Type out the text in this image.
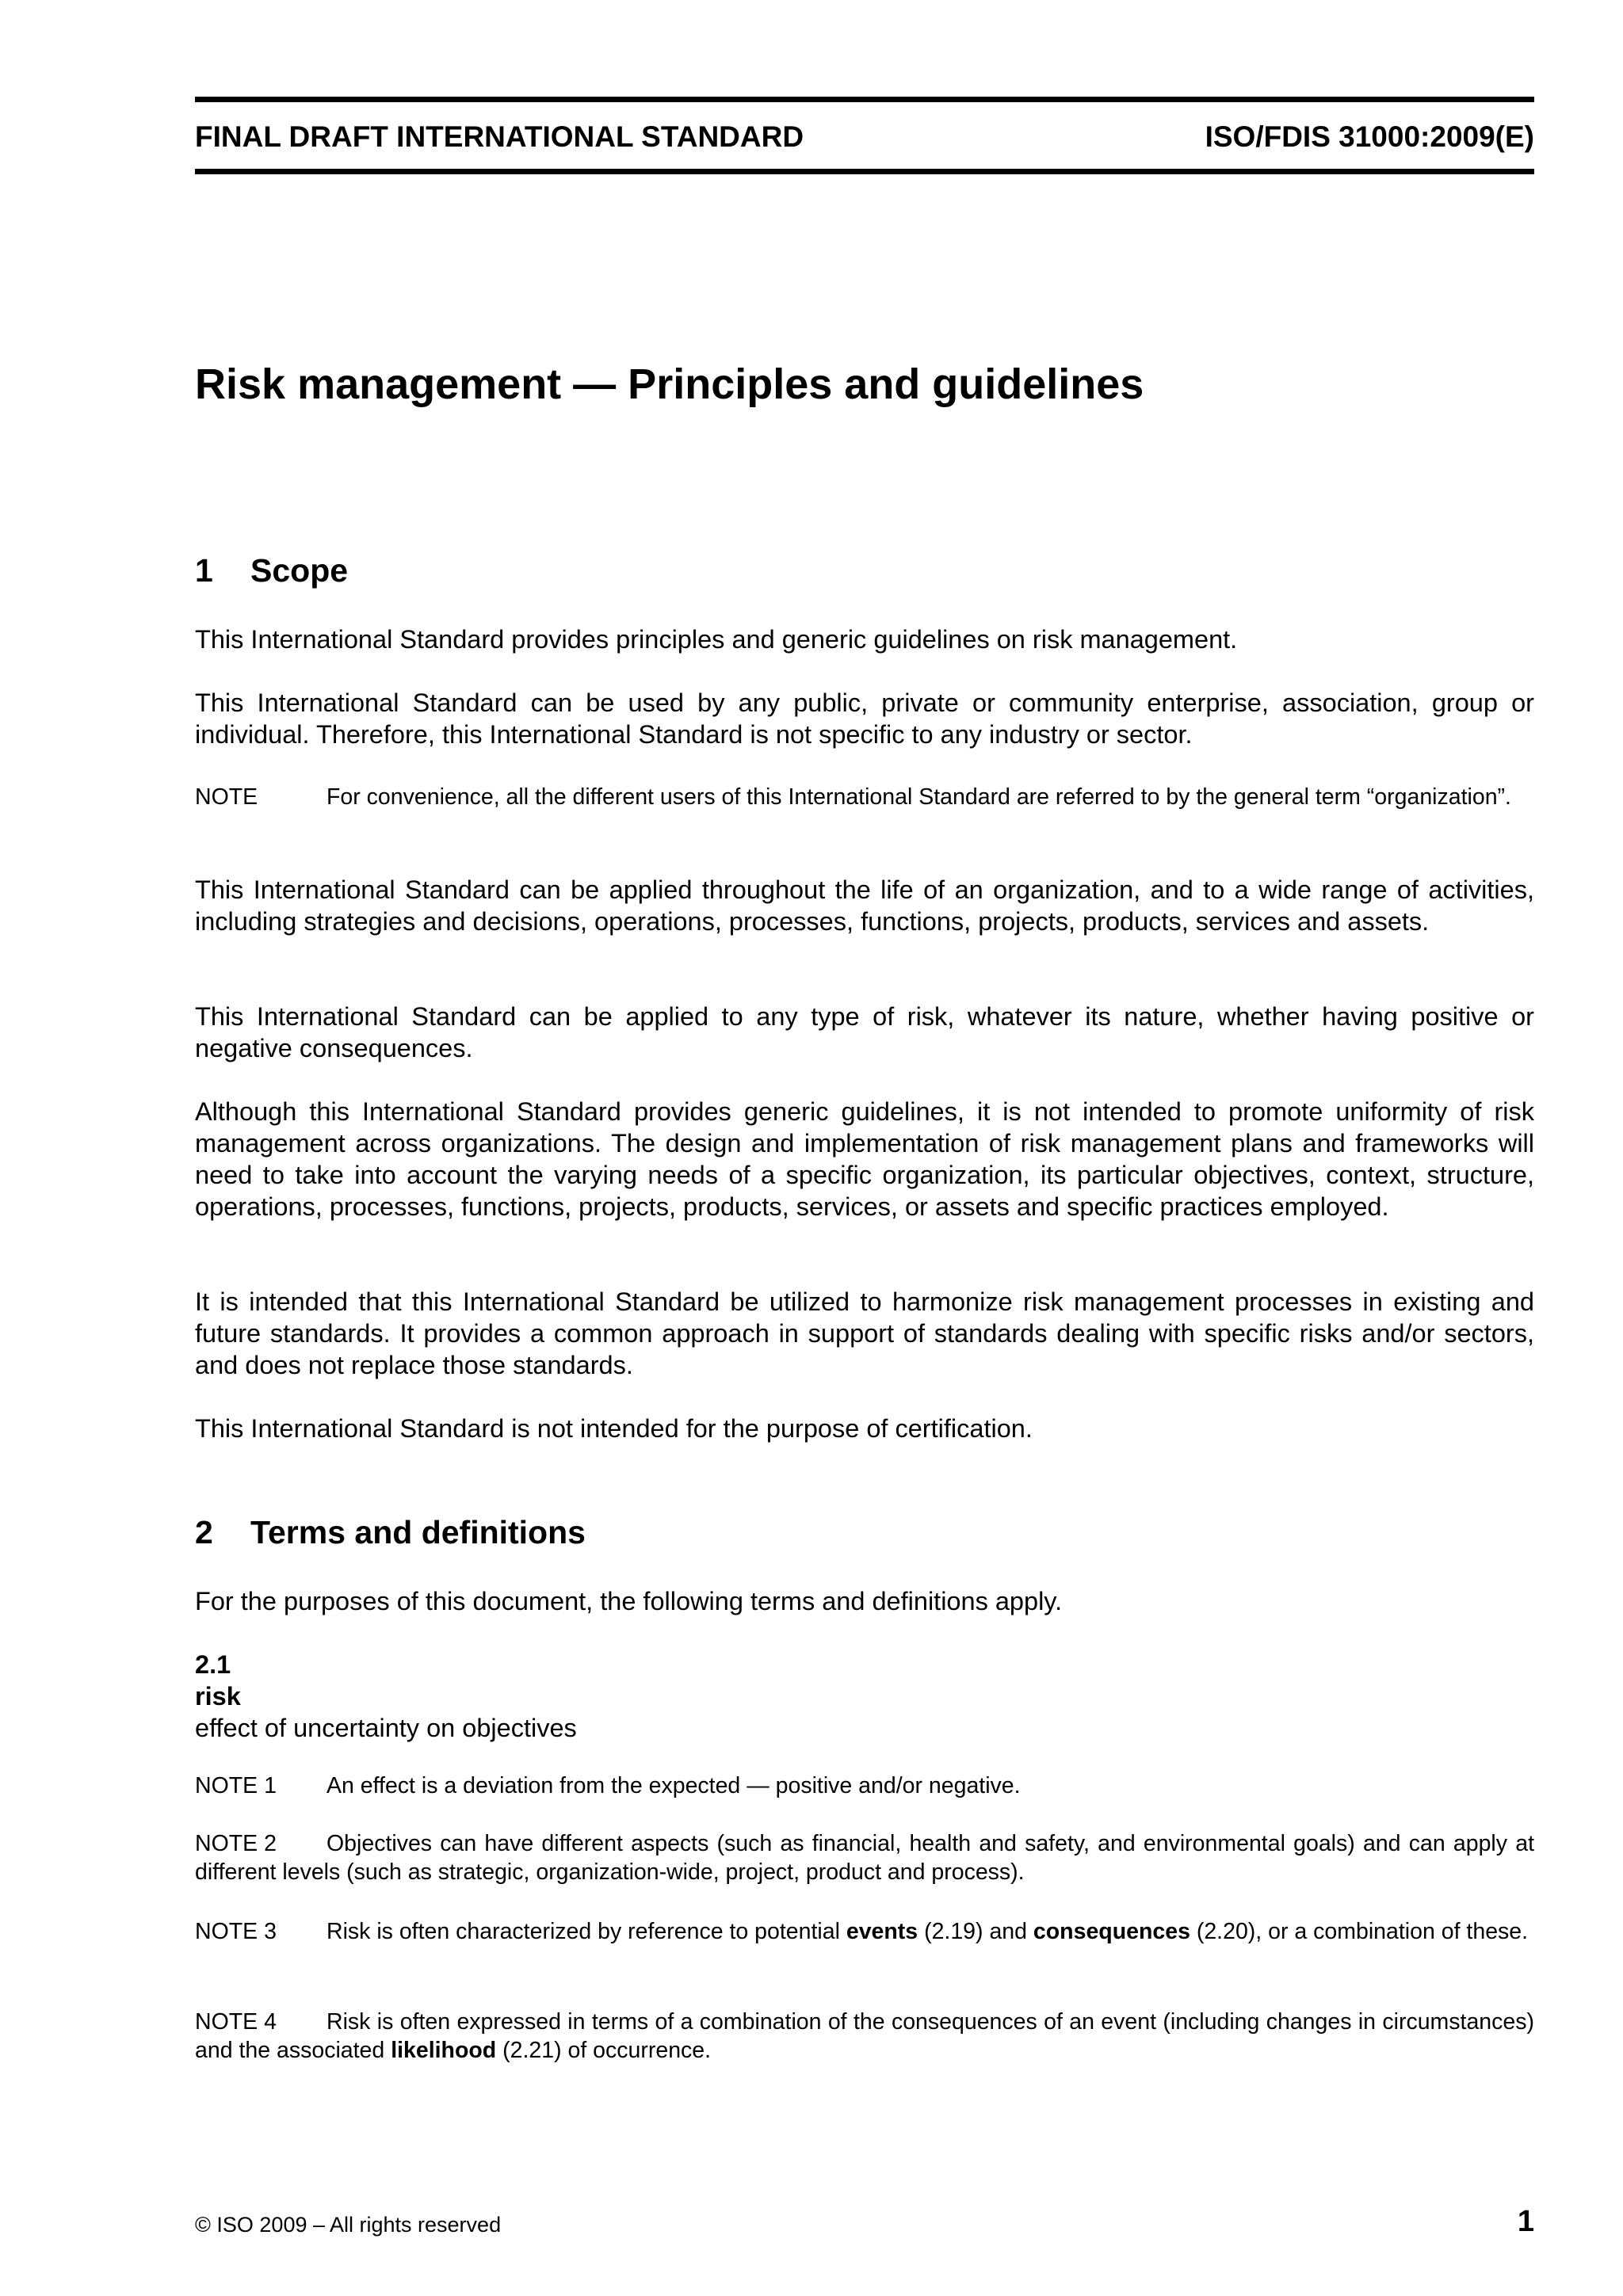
FINAL DRAFT INTERNATIONAL STANDARD	ISO/FDIS 31000:2009(E)
Risk management — Principles and guidelines
1 Scope
This International Standard provides principles and generic guidelines on risk management.
This International Standard can be used by any public, private or community enterprise, association, group or individual. Therefore, this International Standard is not specific to any industry or sector.
NOTE	For convenience, all the different users of this International Standard are referred to by the general term “organization”.
This International Standard can be applied throughout the life of an organization, and to a wide range of activities, including strategies and decisions, operations, processes, functions, projects, products, services and assets.
This International Standard can be applied to any type of risk, whatever its nature, whether having positive or negative consequences.
Although this International Standard provides generic guidelines, it is not intended to promote uniformity of risk management across organizations. The design and implementation of risk management plans and frameworks will need to take into account the varying needs of a specific organization, its particular objectives, context, structure, operations, processes, functions, projects, products, services, or assets and specific practices employed.
It is intended that this International Standard be utilized to harmonize risk management processes in existing and future standards. It provides a common approach in support of standards dealing with specific risks and/or sectors, and does not replace those standards.
This International Standard is not intended for the purpose of certification.
2 Terms and definitions
For the purposes of this document, the following terms and definitions apply.
2.1
risk
effect of uncertainty on objectives
NOTE 1 An effect is a deviation from the expected — positive and/or negative.
NOTE 2 Objectives can have different aspects (such as financial, health and safety, and environmental goals) and can apply at different levels (such as strategic, organization-wide, project, product and process).
NOTE 3 Risk is often characterized by reference to potential events (2.19) and consequences (2.20), or a combination of these.
NOTE 4 Risk is often expressed in terms of a combination of the consequences of an event (including changes in circumstances) and the associated likelihood (2.21) of occurrence.
© ISO 2009 – All rights reserved	1
